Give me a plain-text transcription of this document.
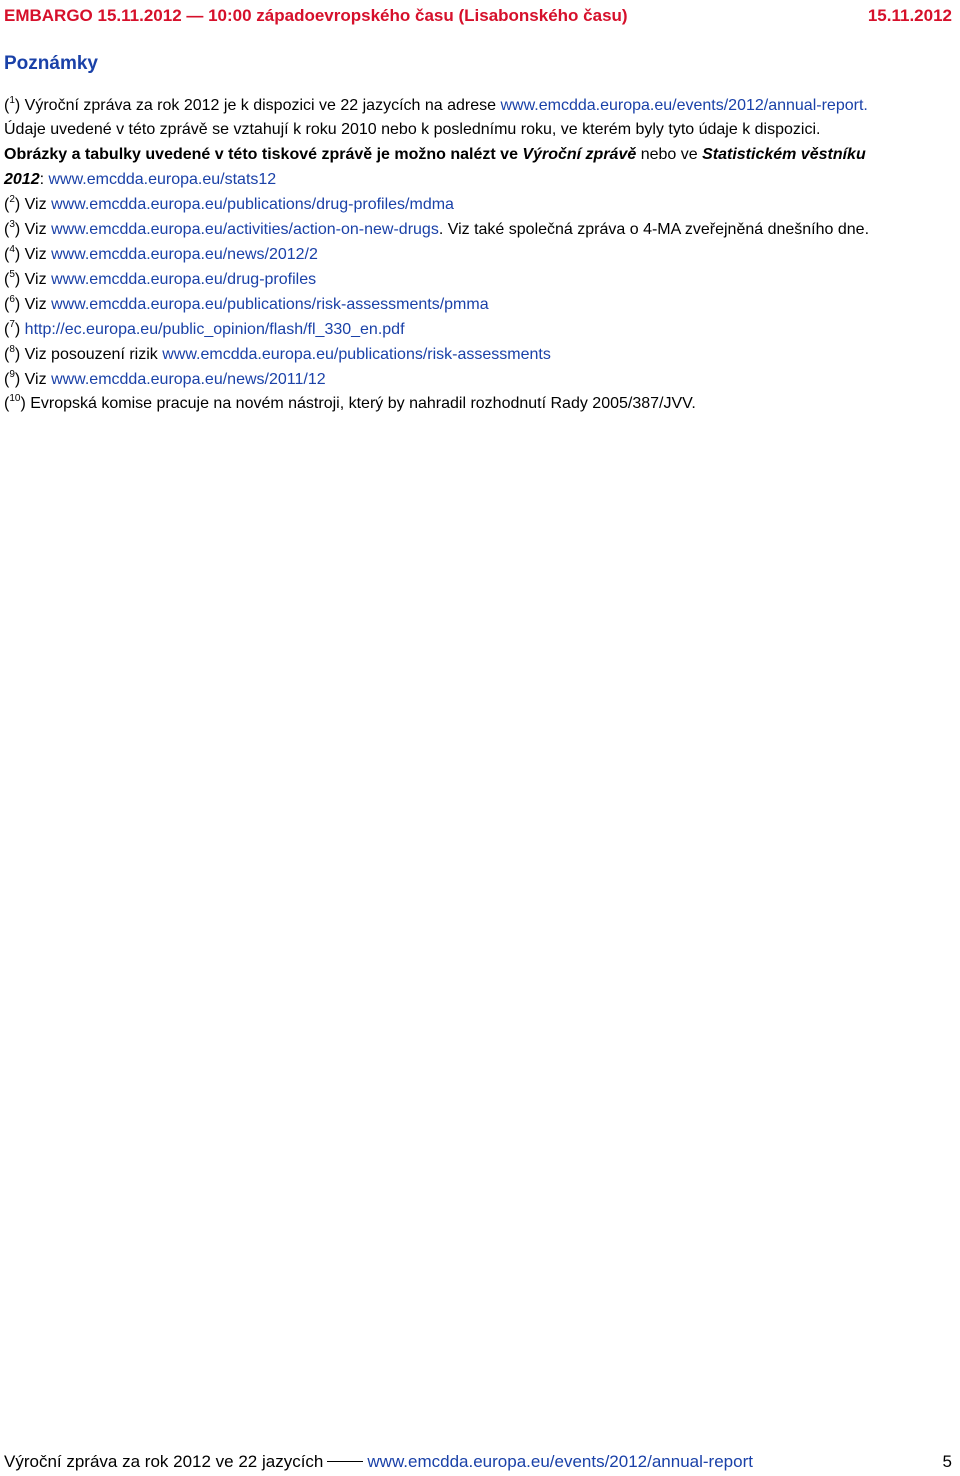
EMBARGO 15.11.2012 — 10:00 západoevropského času (Lisabonského času)	15.11.2012
Poznámky
($^1$) Výroční zpráva za rok 2012 je k dispozici ve 22 jazycích na adrese www.emcdda.europa.eu/events/2012/annual-report.
Údaje uvedené v této zprávě se vztahují k roku 2010 nebo k poslednímu roku, ve kterém byly tyto údaje k dispozici.
Obrázky a tabulky uvedené v této tiskové zprávě je možno nalézt ve Výroční zprávě nebo ve Statistickém věstníku
2012: www.emcdda.europa.eu/stats12
($^2$) Viz www.emcdda.europa.eu/publications/drug-profiles/mdma
($^3$) Viz www.emcdda.europa.eu/activities/action-on-new-drugs. Viz také společná zpráva o 4-MA zveřejněná dnešního dne.
($^4$) Viz www.emcdda.europa.eu/news/2012/2
($^5$) Viz www.emcdda.europa.eu/drug-profiles
($^6$) Viz www.emcdda.europa.eu/publications/risk-assessments/pmma
($^7$) http://ec.europa.eu/public_opinion/flash/fl_330_en.pdf
($^8$) Viz posouzení rizik www.emcdda.europa.eu/publications/risk-assessments
($^9$) Viz www.emcdda.europa.eu/news/2011/12
($^{10}$) Evropská komise pracuje na novém nástroji, který by nahradil rozhodnutí Rady 2005/387/JVV.
Výroční zpráva za rok 2012 ve 22 jazycích	www.emcdda.europa.eu/events/2012/annual-report	5
